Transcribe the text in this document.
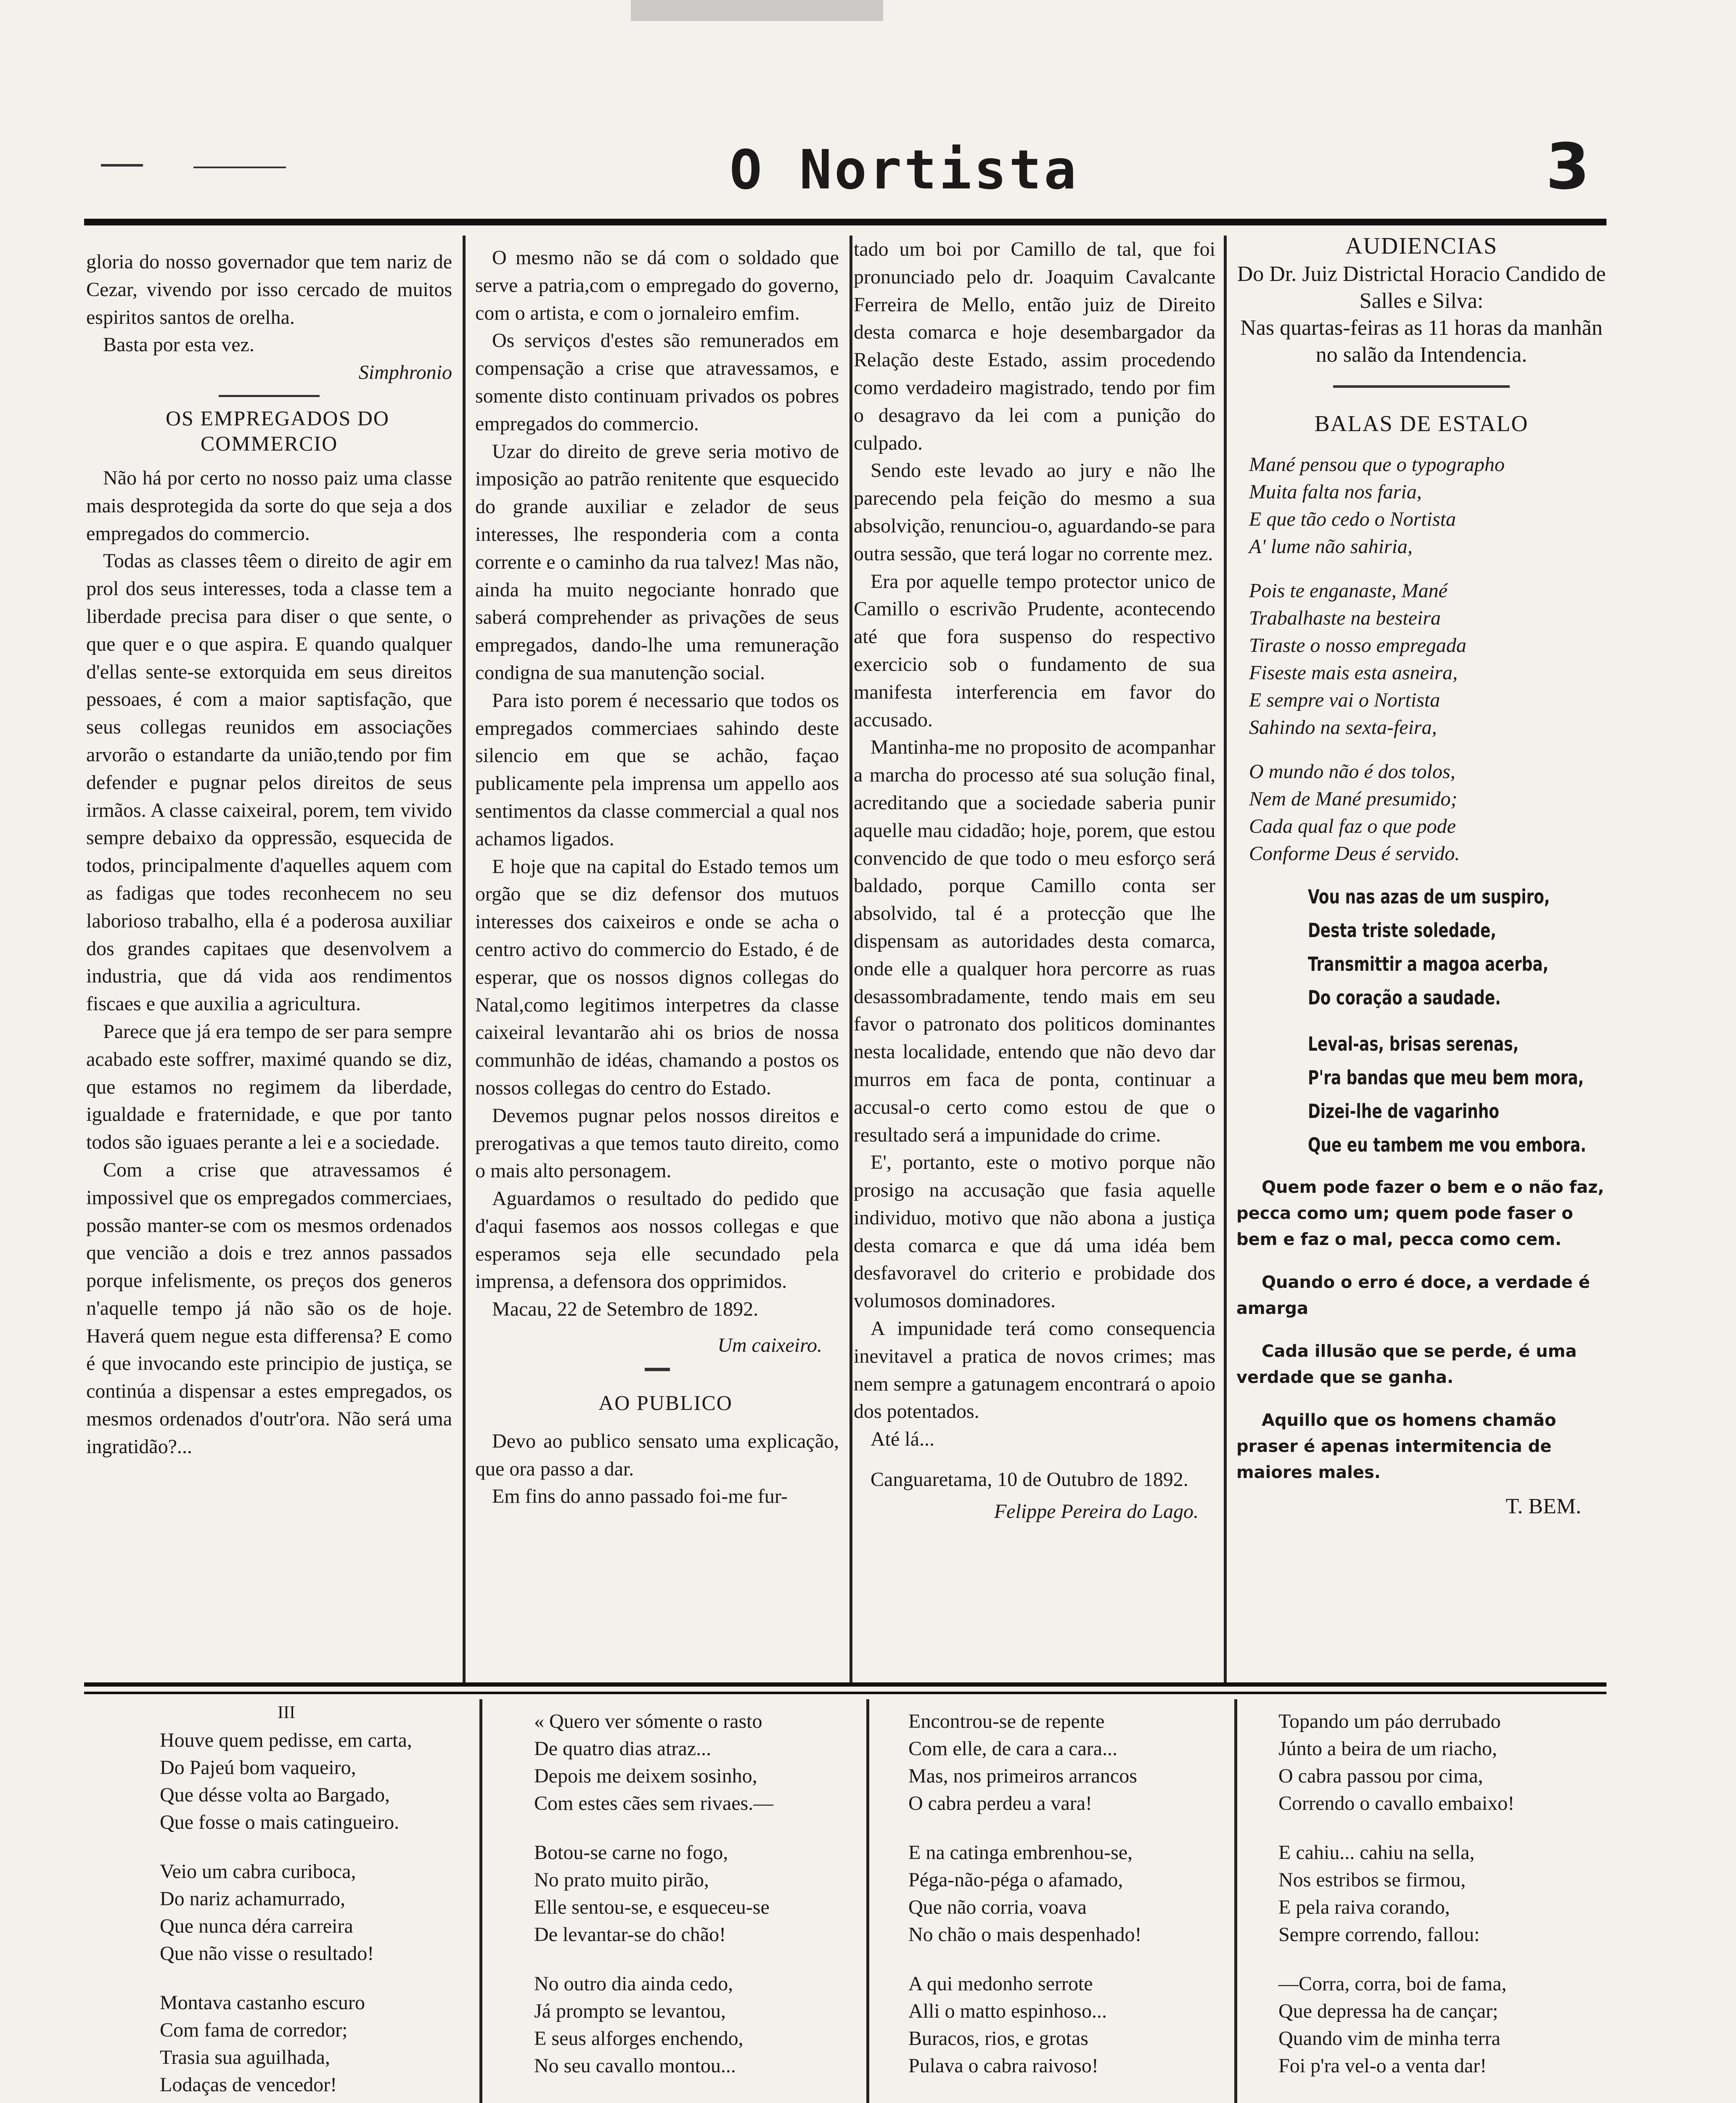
O Nortista	3

gloria do nosso governador que tem nariz de Cezar, vivendo por isso cercado de muitos espiritos santos de orelha.

Basta por esta vez.

Simphronio

OS EMPREGADOS DO COMMERCIO

Não há por certo no nosso paiz uma classe mais desprotegida da sorte do que seja a dos empregados do commercio.

Todas as classes têem o direito de agir em prol dos seus interesses, toda a classe tem a liberdade precisa para diser o que sente, o que quer e o que aspira. E quando qualquer d'ellas sente-se extorquida em seus direitos pessoaes, é com a maior saptisfação, que seus collegas reunidos em associações arvorão o estandarte da união,tendo por fim defender e pugnar pelos direitos de seus irmãos. A classe caixeiral, porem, tem vivido sempre debaixo da oppressão, esquecida de todos, principalmente d'aquelles aquem com as fadigas que todes reconhecem no seu laborioso trabalho, ella é a poderosa auxiliar dos grandes capitaes que desenvolvem a industria, que dá vida aos rendimentos fiscaes e que auxilia a agricultura.

Parece que já era tempo de ser para sempre acabado este soffrer, maximé quando se diz, que estamos no regimem da liberdade, igualdade e fraternidade, e que por tanto todos são iguaes perante a lei e a sociedade.

Com a crise que atravessamos é impossivel que os empregados commerciaes, possão manter-se com os mesmos ordenados que vencião a dois e trez annos passados porque infelismente, os preços dos generos n'aquelle tempo já não são os de hoje. Haverá quem negue esta differensa? E como é que invocando este principio de justiça, se continúa a dispensar a estes empregados, os mesmos ordenados d'outr'ora. Não será uma ingratidão?...

O mesmo não se dá com o soldado que serve a patria,com o empregado do governo, com o artista, e com o jornaleiro emfim.

Os serviços d'estes são remunerados em compensação a crise que atravessamos, e somente disto continuam privados os pobres empregados do commercio.

Uzar do direito de greve seria motivo de imposição ao patrão renitente que esquecido do grande auxiliar e zelador de seus interesses, lhe responderia com a conta corrente e o caminho da rua talvez! Mas não, ainda ha muito negociante honrado que saberá comprehender as privações de seus empregados, dando-lhe uma remuneração condigna de sua manutenção social.

Para isto porem é necessario que todos os empregados commerciaes sahindo deste silencio em que se achão, façao publicamente pela imprensa um appello aos sentimentos da classe commercial a qual nos achamos ligados.

E hoje que na capital do Estado temos um orgão que se diz defensor dos mutuos interesses dos caixeiros e onde se acha o centro activo do commercio do Estado, é de esperar, que os nossos dignos collegas do Natal,como legitimos interpetres da classe caixeiral levantarão ahi os brios de nossa communhão de idéas, chamando a postos os nossos collegas do centro do Estado.

Devemos pugnar pelos nossos direitos e prerogativas a que temos tauto direito, como o mais alto personagem.

Aguardamos o resultado do pedido que d'aqui fasemos aos nossos collegas e que esperamos seja elle secundado pela imprensa, a defensora dos opprimidos.

Macau, 22 de Setembro de 1892.

Um caixeiro.

AO PUBLICO

Devo ao publico sensato uma explicação, que ora passo a dar.

Em fins do anno passado foi-me fur-

tado um boi por Camillo de tal, que foi pronunciado pelo dr. Joaquim Cavalcante Ferreira de Mello, então juiz de Direito desta comarca e hoje desembargador da Relação deste Estado, assim procedendo como verdadeiro magistrado, tendo por fim o desagravo da lei com a punição do culpado.

Sendo este levado ao jury e não lhe parecendo pela feição do mesmo a sua absolvição, renunciou-o, aguardando-se para outra sessão, que terá logar no corrente mez.

Era por aquelle tempo protector unico de Camillo o escrivão Prudente, acontecendo até que fora suspenso do respectivo exercicio sob o fundamento de sua manifesta interferencia em favor do accusado.

Mantinha-me no proposito de acompanhar a marcha do processo até sua solução final, acreditando que a sociedade saberia punir aquelle mau cidadão; hoje, porem, que estou convencido de que todo o meu esforço será baldado, porque Camillo conta ser absolvido, tal é a protecção que lhe dispensam as autoridades desta comarca, onde elle a qualquer hora percorre as ruas desassombradamente, tendo mais em seu favor o patronato dos politicos dominantes nesta localidade, entendo que não devo dar murros em faca de ponta, continuar a accusal-o certo como estou de que o resultado será a impunidade do crime.

E', portanto, este o motivo porque não prosigo na accusação que fasia aquelle individuo, motivo que não abona a justiça desta comarca e que dá uma idéa bem desfavoravel do criterio e probidade dos volumosos dominadores.

A impunidade terá como consequencia inevitavel a pratica de novos crimes; mas nem sempre a gatunagem encontrará o apoio dos potentados.

Até lá...

Canguaretama, 10 de Outubro de 1892.

Felippe Pereira do Lago.

AUDIENCIAS

Do Dr. Juiz Districtal Horacio Candido de Salles e Silva:

Nas quartas-feiras as 11 horas da manhãn no salão da Intendencia.

BALAS DE ESTALO

Mané pensou que o typographo

Muita falta nos faria,

E que tão cedo o Nortista

A' lume não sahiria,

Pois te enganaste, Mané

Trabalhaste na besteira

Tiraste o nosso empregada

Fiseste mais esta asneira,

E sempre vai o Nortista

Sahindo na sexta-feira,

O mundo não é dos tolos,

Nem de Mané presumido;

Cada qual faz o que pode

Conforme Deus é servido.

Vou nas azas de um suspiro,
Desta triste soledade,
Transmittir a magoa acerba,
Do coração a saudade.
Leval-as, brisas serenas,
P'ra bandas que meu bem mora,
Dizei-lhe de vagarinho
Que eu tambem me vou embora.

Quem pode fazer o bem e o não faz, pecca como um; quem pode faser o bem e faz o mal, pecca como cem.

Quando o erro é doce, a verdade é amarga

Cada illusão que se perde, é uma verdade que se ganha.

Aquillo que os homens chamão praser é apenas intermitencia de maiores males.

T. BEM.

III

Houve quem pedisse, em carta,

Do Pajeú bom vaqueiro,

Que désse volta ao Bargado,

Que fosse o mais catingueiro.

Veio um cabra curiboca,

Do nariz achamurrado,

Que nunca déra carreira

Que não visse o resultado!

Montava castanho escuro

Com fama de corredor;

Trasia sua aguilhada,

Lodaças de vencedor!

« Quero ver sómente o rasto

De quatro dias atraz...

Depois me deixem sosinho,

Com estes cães sem rivaes.—

Botou-se carne no fogo,

No prato muito pirão,

Elle sentou-se, e esqueceu-se

De levantar-se do chão!

No outro dia ainda cedo,

Já prompto se levantou,

E seus alforges enchendo,

No seu cavallo montou...

Encontrou-se de repente

Com elle, de cara a cara...

Mas, nos primeiros arrancos

O cabra perdeu a vara!

E na catinga embrenhou-se,

Péga-não-péga o afamado,

Que não corria, voava

No chão o mais despenhado!

A qui medonho serrote

Alli o matto espinhoso...

Buracos, rios, e grotas

Pulava o cabra raivoso!

Topando um páo derrubado

Júnto a beira de um riacho,

O cabra passou por cima,

Correndo o cavallo embaixo!

E cahiu... cahiu na sella,

Nos estribos se firmou,

E pela raiva corando,

Sempre correndo, fallou:

—Corra, corra, boi de fama,

Que depressa ha de cançar;

Quando vim de minha terra

Foi p'ra vel-o a venta dar!
